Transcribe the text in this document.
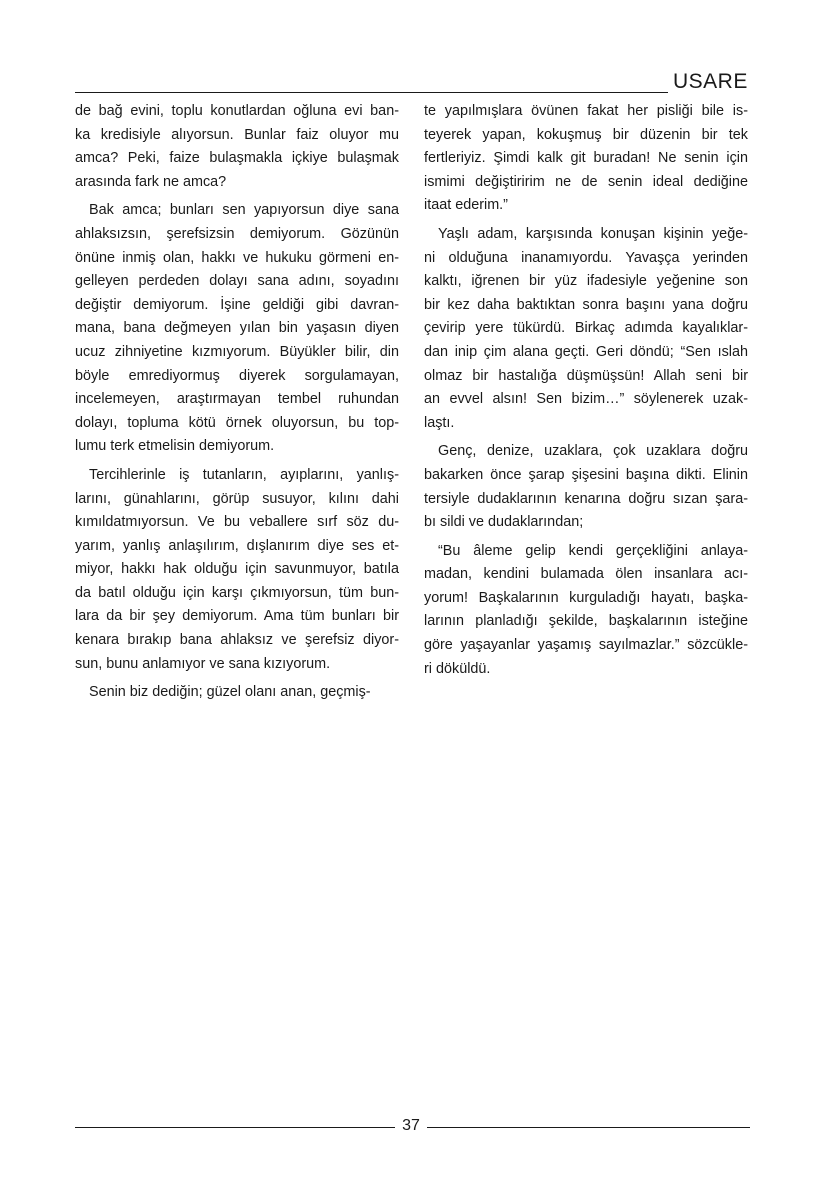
USARE
de bağ evini, toplu konutlardan oğluna evi ban-
ka kredisiyle alıyorsun. Bunlar faiz oluyor mu
amca? Peki, faize bulaşmakla içkiye bulaşmak
arasında fark ne amca?
Bak amca; bunları sen yapıyorsun diye sana
ahlaksızsın, şerefsizsin demiyorum. Gözünün
önüne inmiş olan, hakkı ve hukuku görmeni en-
gelleyen perdeden dolayı sana adını, soyadını
değiştir demiyorum. İşine geldiği gibi davran-
mana, bana değmeyen yılan bin yaşasın diyen
ucuz zihniyetine kızmıyorum. Büyükler bilir, din
böyle emrediyormuş diyerek sorgulamayan,
incelemeyen, araştırmayan tembel ruhundan
dolayı, topluma kötü örnek oluyorsun, bu top-
lumu terk etmelisin demiyorum.
Tercihlerinle iş tutanların, ayıplarını, yanlış-
larını, günahlarını, görüp susuyor, kılını dahi
kımıldatmıyorsun. Ve bu veballere sırf söz du-
yarım, yanlış anlaşılırım, dışlanırım diye ses et-
miyor, hakkı hak olduğu için savunmuyor, batıla
da batıl olduğu için karşı çıkmıyorsun, tüm bun-
lara da bir şey demiyorum. Ama tüm bunları bir
kenara bırakıp bana ahlaksız ve şerefsiz diyor-
sun, bunu anlamıyor ve sana kızıyorum.
Senin biz dediğin; güzel olanı anan, geçmiş-
te yapılmışlara övünen fakat her pisliği bile is-
teyerek yapan, kokuşmuş bir düzenin bir tek
fertleriyiz. Şimdi kalk git buradan! Ne senin için
ismimi değiştiririm ne de senin ideal dediğine
itaat ederim.”
Yaşlı adam, karşısında konuşan kişinin yeğe-
ni olduğuna inanamıyordu. Yavaşça yerinden
kalktı, iğrenen bir yüz ifadesiyle yeğenine son
bir kez daha baktıktan sonra başını yana doğru
çevirip yere tükürdü. Birkaç adımda kayalıklar-
dan inip çim alana geçti. Geri döndü; “Sen ıslah
olmaz bir hastalığa düşmüşsün! Allah seni bir
an evvel alsın! Sen bizim…” söylenerek uzak-
laştı.
Genç, denize, uzaklara, çok uzaklara doğru
bakarken önce şarap şişesini başına dikti. Elinin
tersiyle dudaklarının kenarına doğru sızan şara-
bı sildi ve dudaklarından;
“Bu âleme gelip kendi gerçekliğini anlaya-
madan, kendini bulamada ölen insanlara acı-
yorum! Başkalarının kurguladığı hayatı, başka-
larının planladığı şekilde, başkalarının isteğine
göre yaşayanlar yaşamış sayılmazlar.” sözcükle-
ri döküldü.
37
